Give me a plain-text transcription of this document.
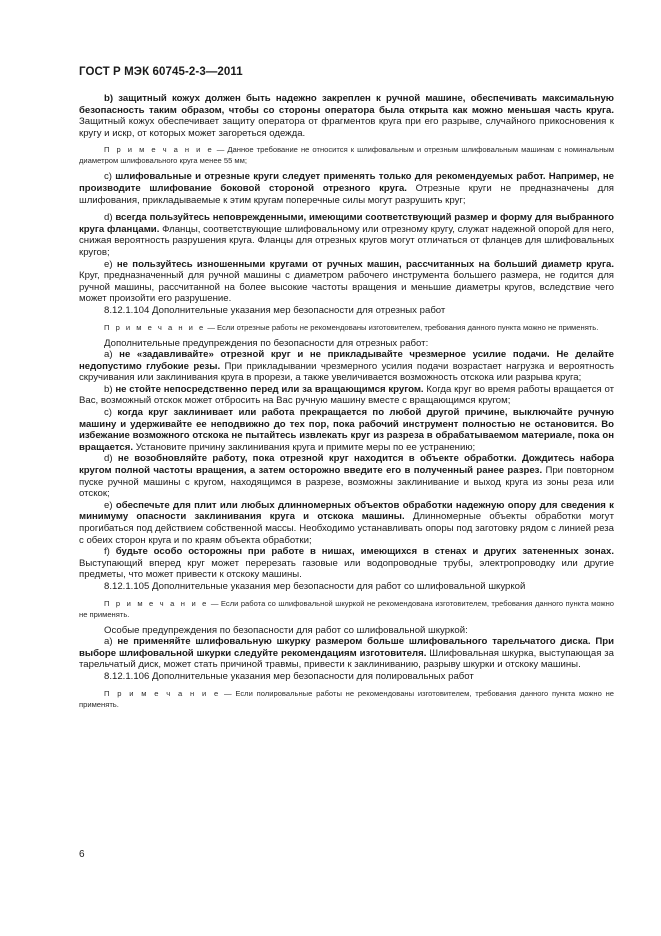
ГОСТ Р МЭК 60745-2-3—2011

b) защитный кожух должен быть надежно закреплен к ручной машине, обеспечивать максимальную безопасность таким образом, чтобы со стороны оператора была открыта как можно меньшая часть круга. Защитный кожух обеспечивает защиту оператора от фрагментов круга при его разрыве, случайного прикосновения к кругу и искр, от которых может загореться одежда.

П р и м е ч а н и е — Данное требование не относится к шлифовальным и отрезным шлифовальным машинам с номинальным диаметром шлифовального круга менее 55 мм;

c) шлифовальные и отрезные круги следует применять только для рекомендуемых работ. Например, не производите шлифование боковой стороной отрезного круга. Отрезные круги не предназначены для шлифования, прикладываемые к этим кругам поперечные силы могут разрушить круг;

d) всегда пользуйтесь неповрежденными, имеющими соответствующий размер и форму для выбранного круга фланцами. Фланцы, соответствующие шлифовальному или отрезному кругу, служат надежной опорой для него, снижая вероятность разрушения круга. Фланцы для отрезных кругов могут отличаться от фланцев для шлифовальных кругов;

e) не пользуйтесь изношенными кругами от ручных машин, рассчитанных на больший диаметр круга. Круг, предназначенный для ручной машины с диаметром рабочего инструмента большего размера, не годится для ручной машины, рассчитанной на более высокие частоты вращения и меньшие диаметры кругов, вследствие чего может произойти его разрушение.

8.12.1.104 Дополнительные указания мер безопасности для отрезных работ

П р и м е ч а н и е — Если отрезные работы не рекомендованы изготовителем, требования данного пункта можно не применять.

Дополнительные предупреждения по безопасности для отрезных работ:

a) не «задавливайте» отрезной круг и не прикладывайте чрезмерное усилие подачи. Не делайте недопустимо глубокие резы. При прикладывании чрезмерного усилия подачи возрастает нагрузка и вероятность скручивания или заклинивания круга в прорези, а также увеличивается возможность отскока или разрыва круга;

b) не стойте непосредственно перед или за вращающимся кругом. Когда круг во время работы вращается от Вас, возможный отскок может отбросить на Вас ручную машину вместе с вращающимся кругом;

c) когда круг заклинивает или работа прекращается по любой другой причине, выключайте ручную машину и удерживайте ее неподвижно до тех пор, пока рабочий инструмент полностью не остановится. Во избежание возможного отскока не пытайтесь извлекать круг из разреза в обрабатываемом материале, пока он вращается. Установите причину заклинивания круга и примите меры по ее устранению;

d) не возобновляйте работу, пока отрезной круг находится в объекте обработки. Дождитесь набора кругом полной частоты вращения, а затем осторожно введите его в полученный ранее разрез. При повторном пуске ручной машины с кругом, находящимся в разрезе, возможны заклинивание и выход круга из зоны реза или отскок;

e) обеспечьте для плит или любых длинномерных объектов обработки надежную опору для сведения к минимуму опасности заклинивания круга и отскока машины. Длинномерные объекты обработки могут прогибаться под действием собственной массы. Необходимо устанавливать опоры под заготовку рядом с линией реза с обеих сторон круга и по краям объекта обработки;

f) будьте особо осторожны при работе в нишах, имеющихся в стенах и других затененных зонах. Выступающий вперед круг может перерезать газовые или водопроводные трубы, электропроводку или другие предметы, что может привести к отскоку машины.

8.12.1.105 Дополнительные указания мер безопасности для работ со шлифовальной шкуркой

П р и м е ч а н и е — Если работа со шлифовальной шкуркой не рекомендована изготовителем, требования данного пункта можно не применять.

Особые предупреждения по безопасности для работ со шлифовальной шкуркой:

a) не применяйте шлифовальную шкурку размером больше шлифовального тарельчатого диска. При выборе шлифовальной шкурки следуйте рекомендациям изготовителя. Шлифовальная шкурка, выступающая за тарельчатый диск, может стать причиной травмы, привести к заклиниванию, разрыву шкурки и отскоку машины.

8.12.1.106 Дополнительные указания мер безопасности для полировальных работ

П р и м е ч а н и е — Если полировальные работы не рекомендованы изготовителем, требования данного пункта можно не применять.

6
